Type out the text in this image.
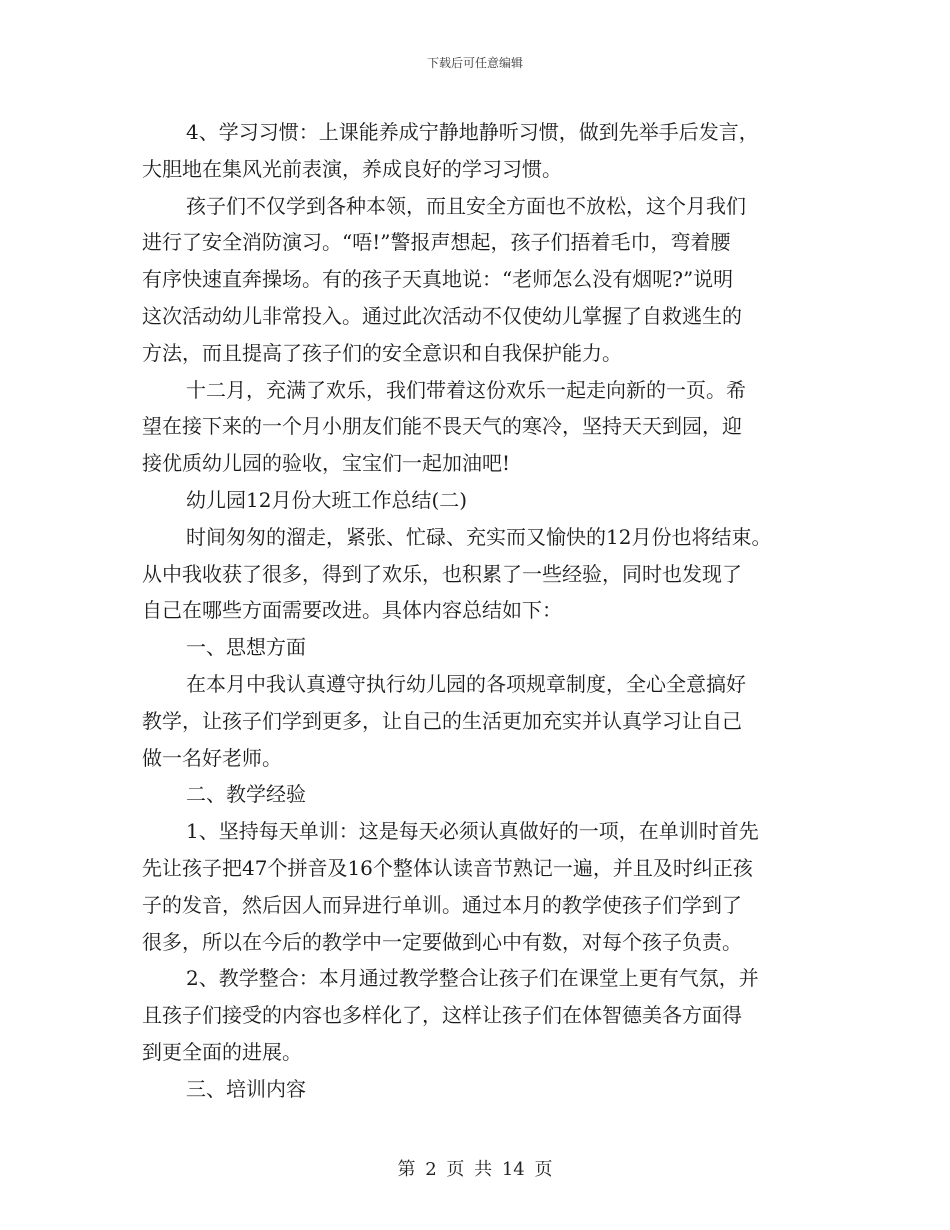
下载后可任意编辑
4、学习习惯：上课能养成宁静地静听习惯，做到先举手后发言，
大胆地在集风光前表演，养成良好的学习习惯。
孩子们不仅学到各种本领，而且安全方面也不放松，这个月我们
进行了安全消防演习。“唔!”警报声想起，孩子们捂着毛巾，弯着腰
有序快速直奔操场。有的孩子天真地说：“老师怎么没有烟呢?”说明
这次活动幼儿非常投入。通过此次活动不仅使幼儿掌握了自救逃生的
方法，而且提高了孩子们的安全意识和自我保护能力。
十二月，充满了欢乐，我们带着这份欢乐一起走向新的一页。希
望在接下来的一个月小朋友们能不畏天气的寒冷，坚持天天到园，迎
接优质幼儿园的验收，宝宝们一起加油吧!
幼儿园12月份大班工作总结(二)
时间匆匆的溜走，紧张、忙碌、充实而又愉快的12月份也将结束。
从中我收获了很多，得到了欢乐，也积累了一些经验，同时也发现了
自己在哪些方面需要改进。具体内容总结如下：
一、思想方面
在本月中我认真遵守执行幼儿园的各项规章制度，全心全意搞好
教学，让孩子们学到更多，让自己的生活更加充实并认真学习让自己
做一名好老师。
二、教学经验
1、坚持每天单训：这是每天必须认真做好的一项，在单训时首先
先让孩子把47个拼音及16个整体认读音节熟记一遍，并且及时纠正孩
子的发音，然后因人而异进行单训。通过本月的教学使孩子们学到了
很多，所以在今后的教学中一定要做到心中有数，对每个孩子负责。
2、教学整合：本月通过教学整合让孩子们在课堂上更有气氛，并
且孩子们接受的内容也多样化了，这样让孩子们在体智德美各方面得
到更全面的进展。
三、培训内容
第 2 页 共 14 页
